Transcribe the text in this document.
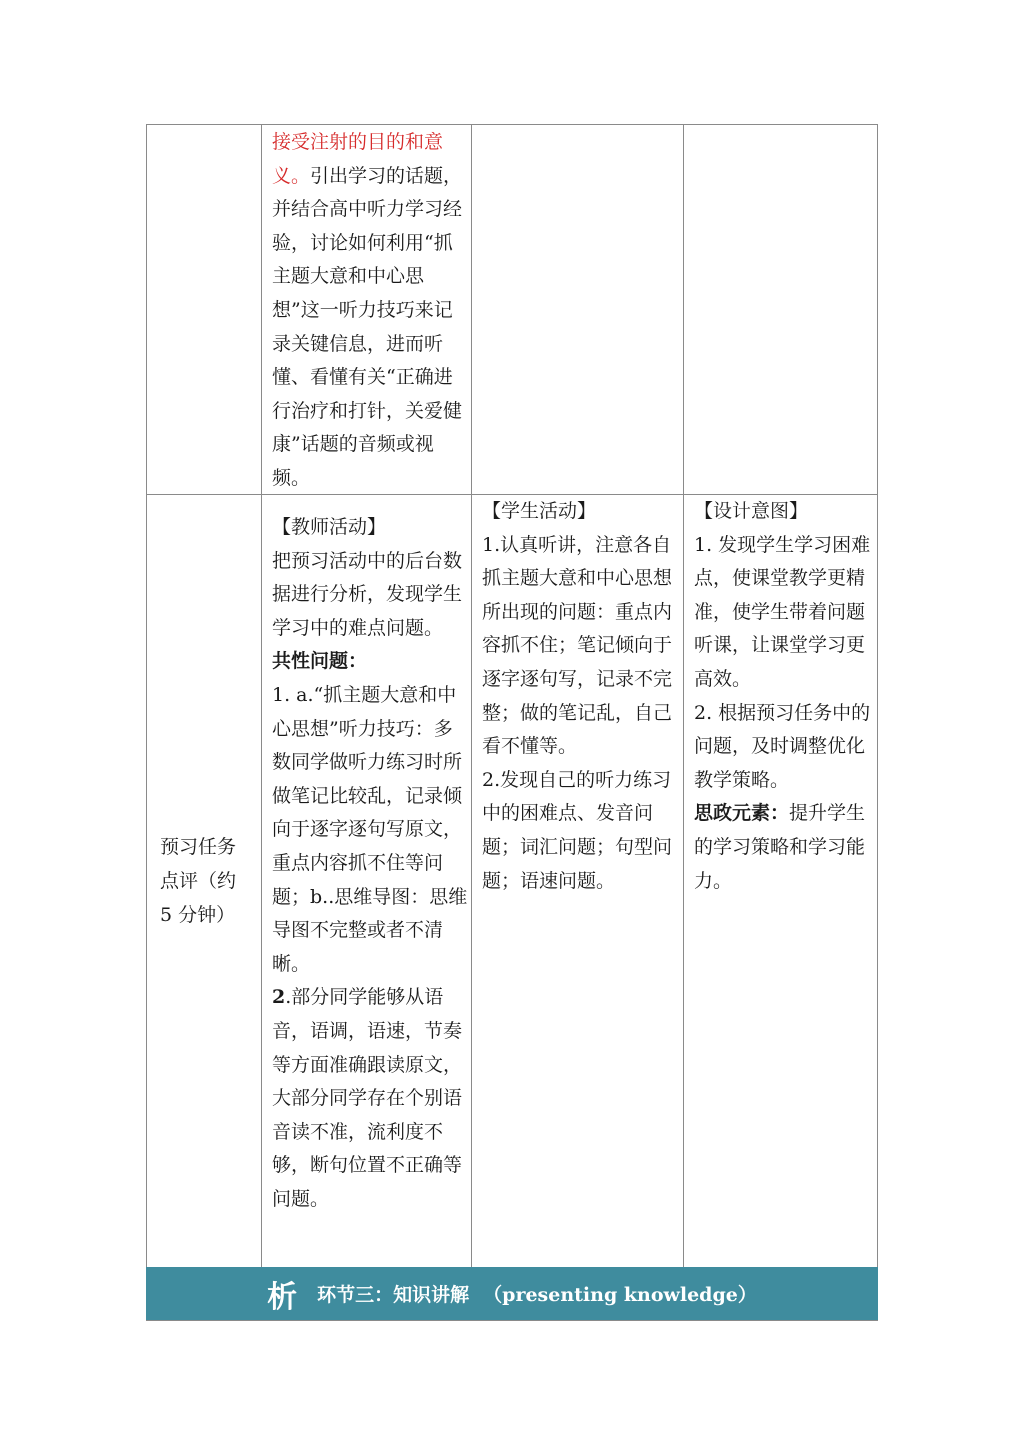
接受注射的目的和意义。引出学习的话题，并结合高中听力学习经验，讨论如何利用“抓主题大意和中心思想”这一听力技巧来记录关键信息，进而听懂、看懂有关“正确进行治疗和打针，关爱健康”话题的音频或视频。
预习任务点评（约 5 分钟）

【教师活动】

把预习活动中的后台数据进行分析，发现学生学习中的难点问题。

共性问题：

1. a.“抓主题大意和中心思想”听力技巧：多数同学做听力练习时所做笔记比较乱，记录倾向于逐字逐句写原文，重点内容抓不住等问题；b..思维导图：思维导图不完整或者不清晰。

2.部分同学能够从语音，语调，语速，节奏等方面准确跟读原文，大部分同学存在个别语音读不准，流利度不够，断句位置不正确等问题。

【学生活动】

1.认真听讲，注意各自抓主题大意和中心思想所出现的问题：重点内容抓不住；笔记倾向于逐字逐句写，记录不完整；做的笔记乱，自己看不懂等。

2.发现自己的听力练习中的困难点、发音问题；词汇问题；句型问题；语速问题。

【设计意图】

1. 发现学生学习困难点，使课堂教学更精准，使学生带着问题听课，让课堂学习更高效。

2. 根据预习任务中的问题，及时调整优化教学策略。

思政元素：提升学生的学习策略和学习能力。

析 环节三：知识讲解 （presenting knowledge）
